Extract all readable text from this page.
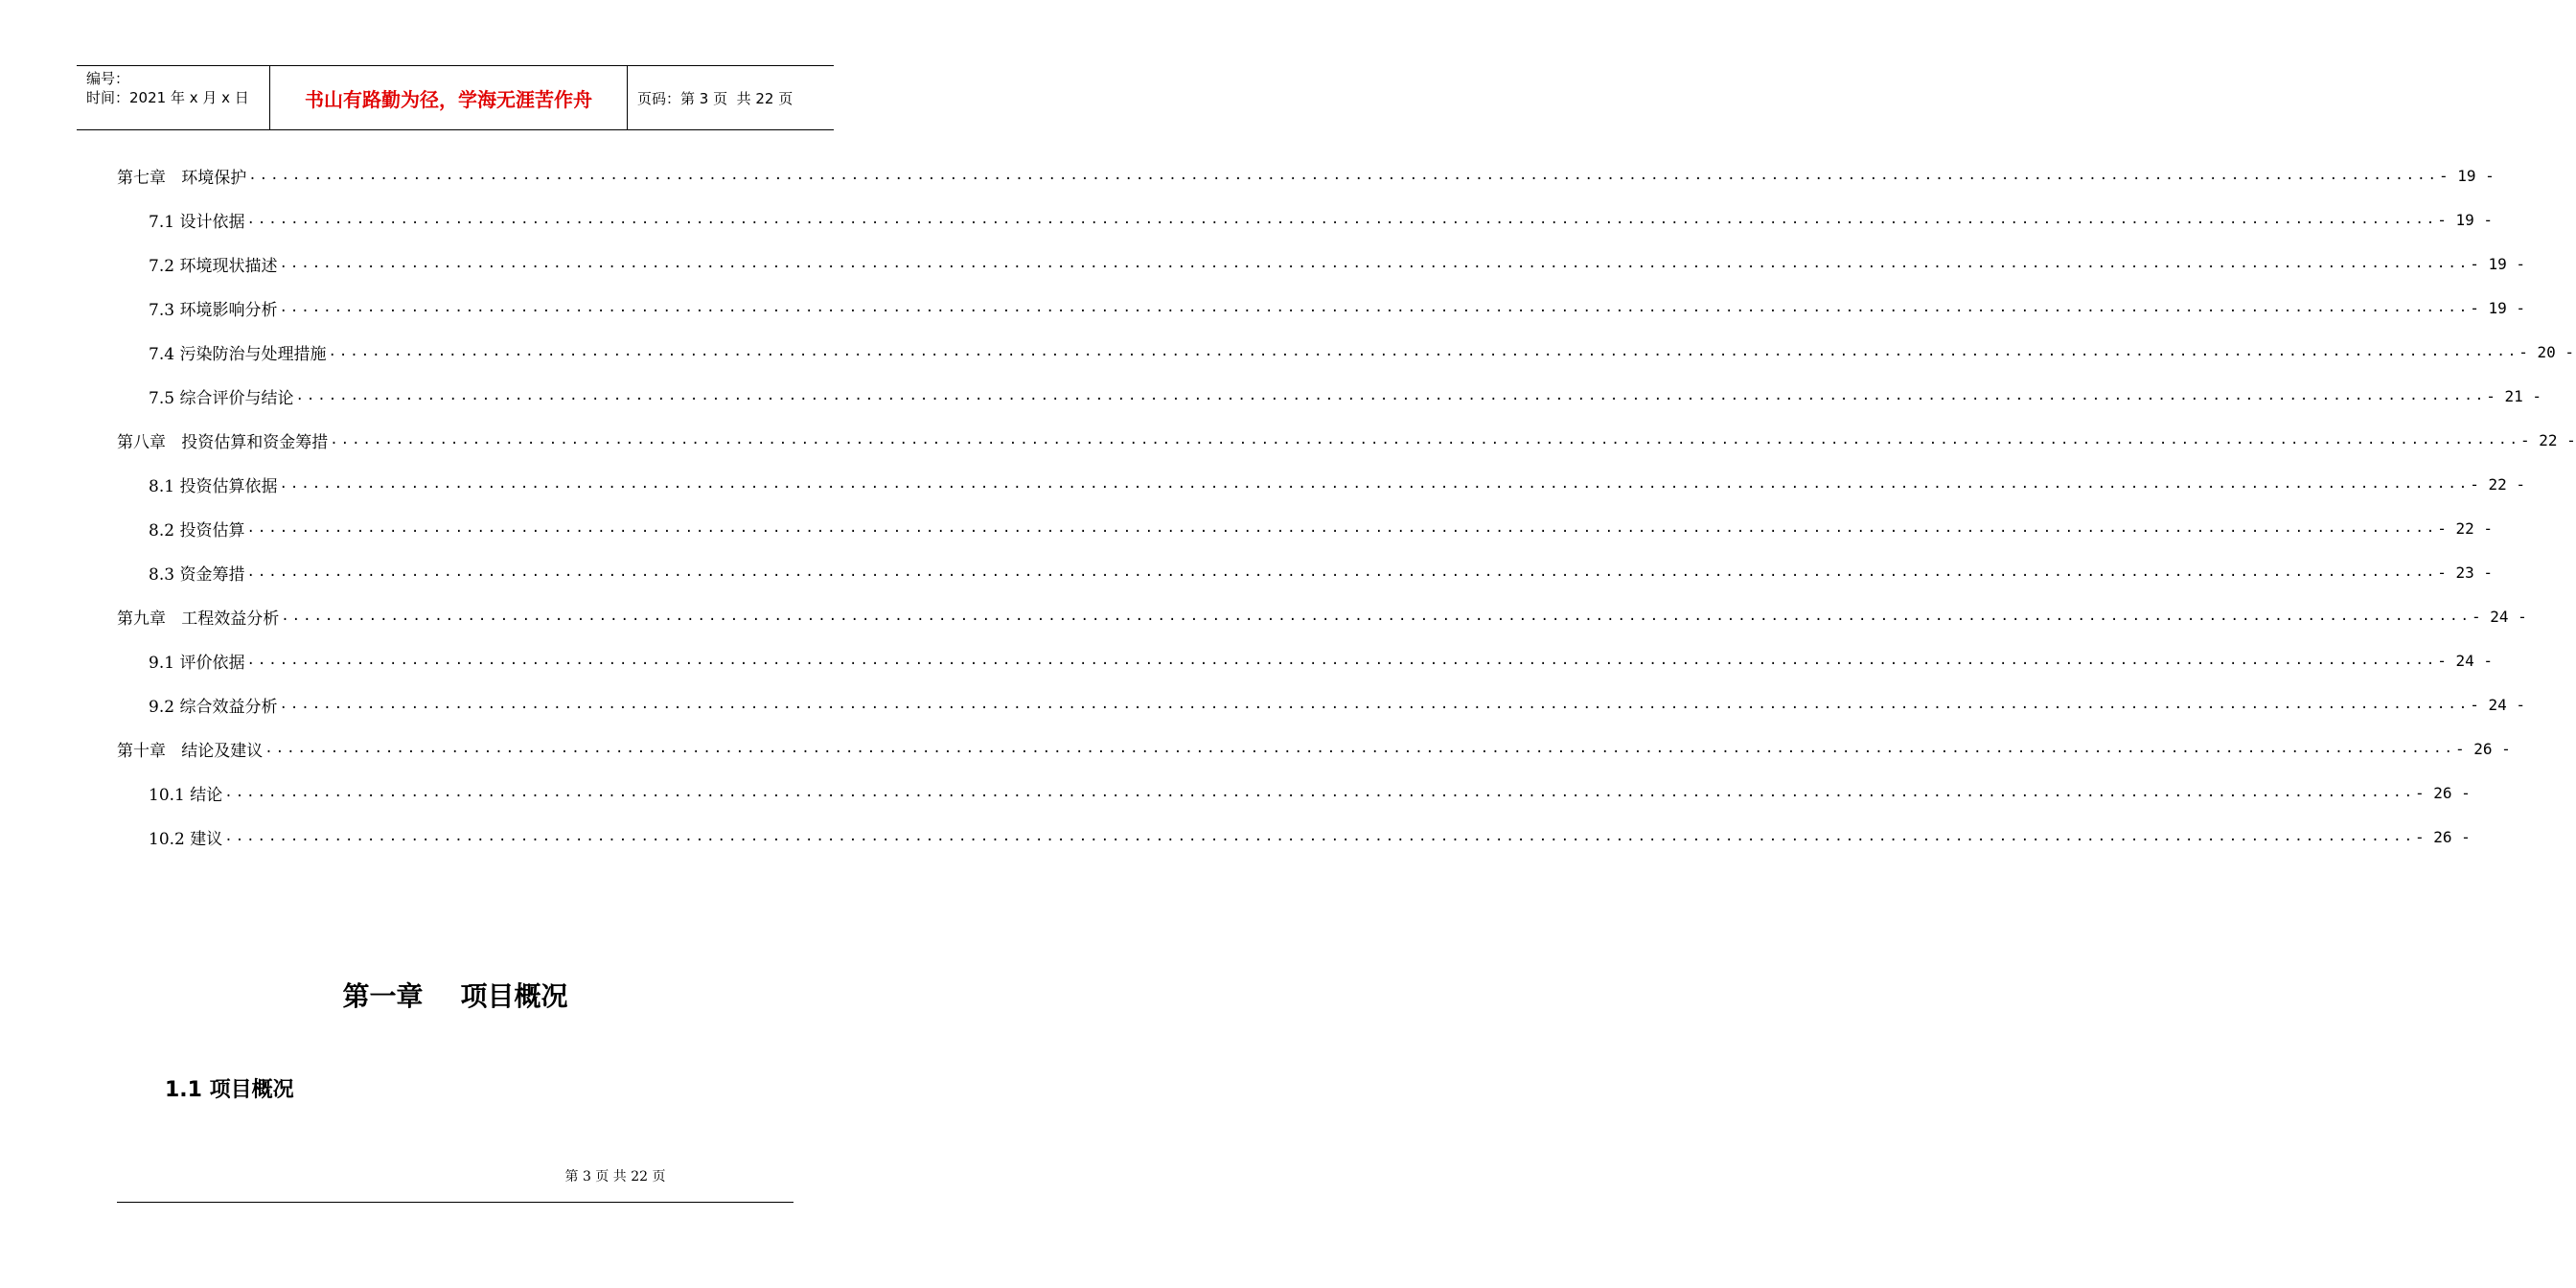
编号：
时间：2021 年 x 月 x 日	书山有路勤为径，学海无涯苦作舟	页码：第 3 页  共 22 页
第七章   环境保护 ........................................................................................................................................................................................................ - 19 -
7.1 设计依据 ........................................................................................................................................................................................................ - 19 -
7.2 环境现状描述 ........................................................................................................................................................................................................ - 19 -
7.3 环境影响分析 ........................................................................................................................................................................................................ - 19 -
7.4 污染防治与处理措施 ........................................................................................................................................................................................................ - 20 -
7.5 综合评价与结论 ........................................................................................................................................................................................................ - 21 -
第八章   投资估算和资金筹措 ........................................................................................................................................................................................................ - 22 -
8.1 投资估算依据 ........................................................................................................................................................................................................ - 22 -
8.2 投资估算 ........................................................................................................................................................................................................ - 22 -
8.3 资金筹措 ........................................................................................................................................................................................................ - 23 -
第九章   工程效益分析 ........................................................................................................................................................................................................ - 24 -
9.1 评价依据 ........................................................................................................................................................................................................ - 24 -
9.2 综合效益分析 ........................................................................................................................................................................................................ - 24 -
第十章   结论及建议 ........................................................................................................................................................................................................ - 26 -
10.1 结论 ........................................................................................................................................................................................................ - 26 -
10.2 建议 ........................................................................................................................................................................................................ - 26 -
第一章    项目概况
1.1 项目概况
第 3 页 共 22 页
